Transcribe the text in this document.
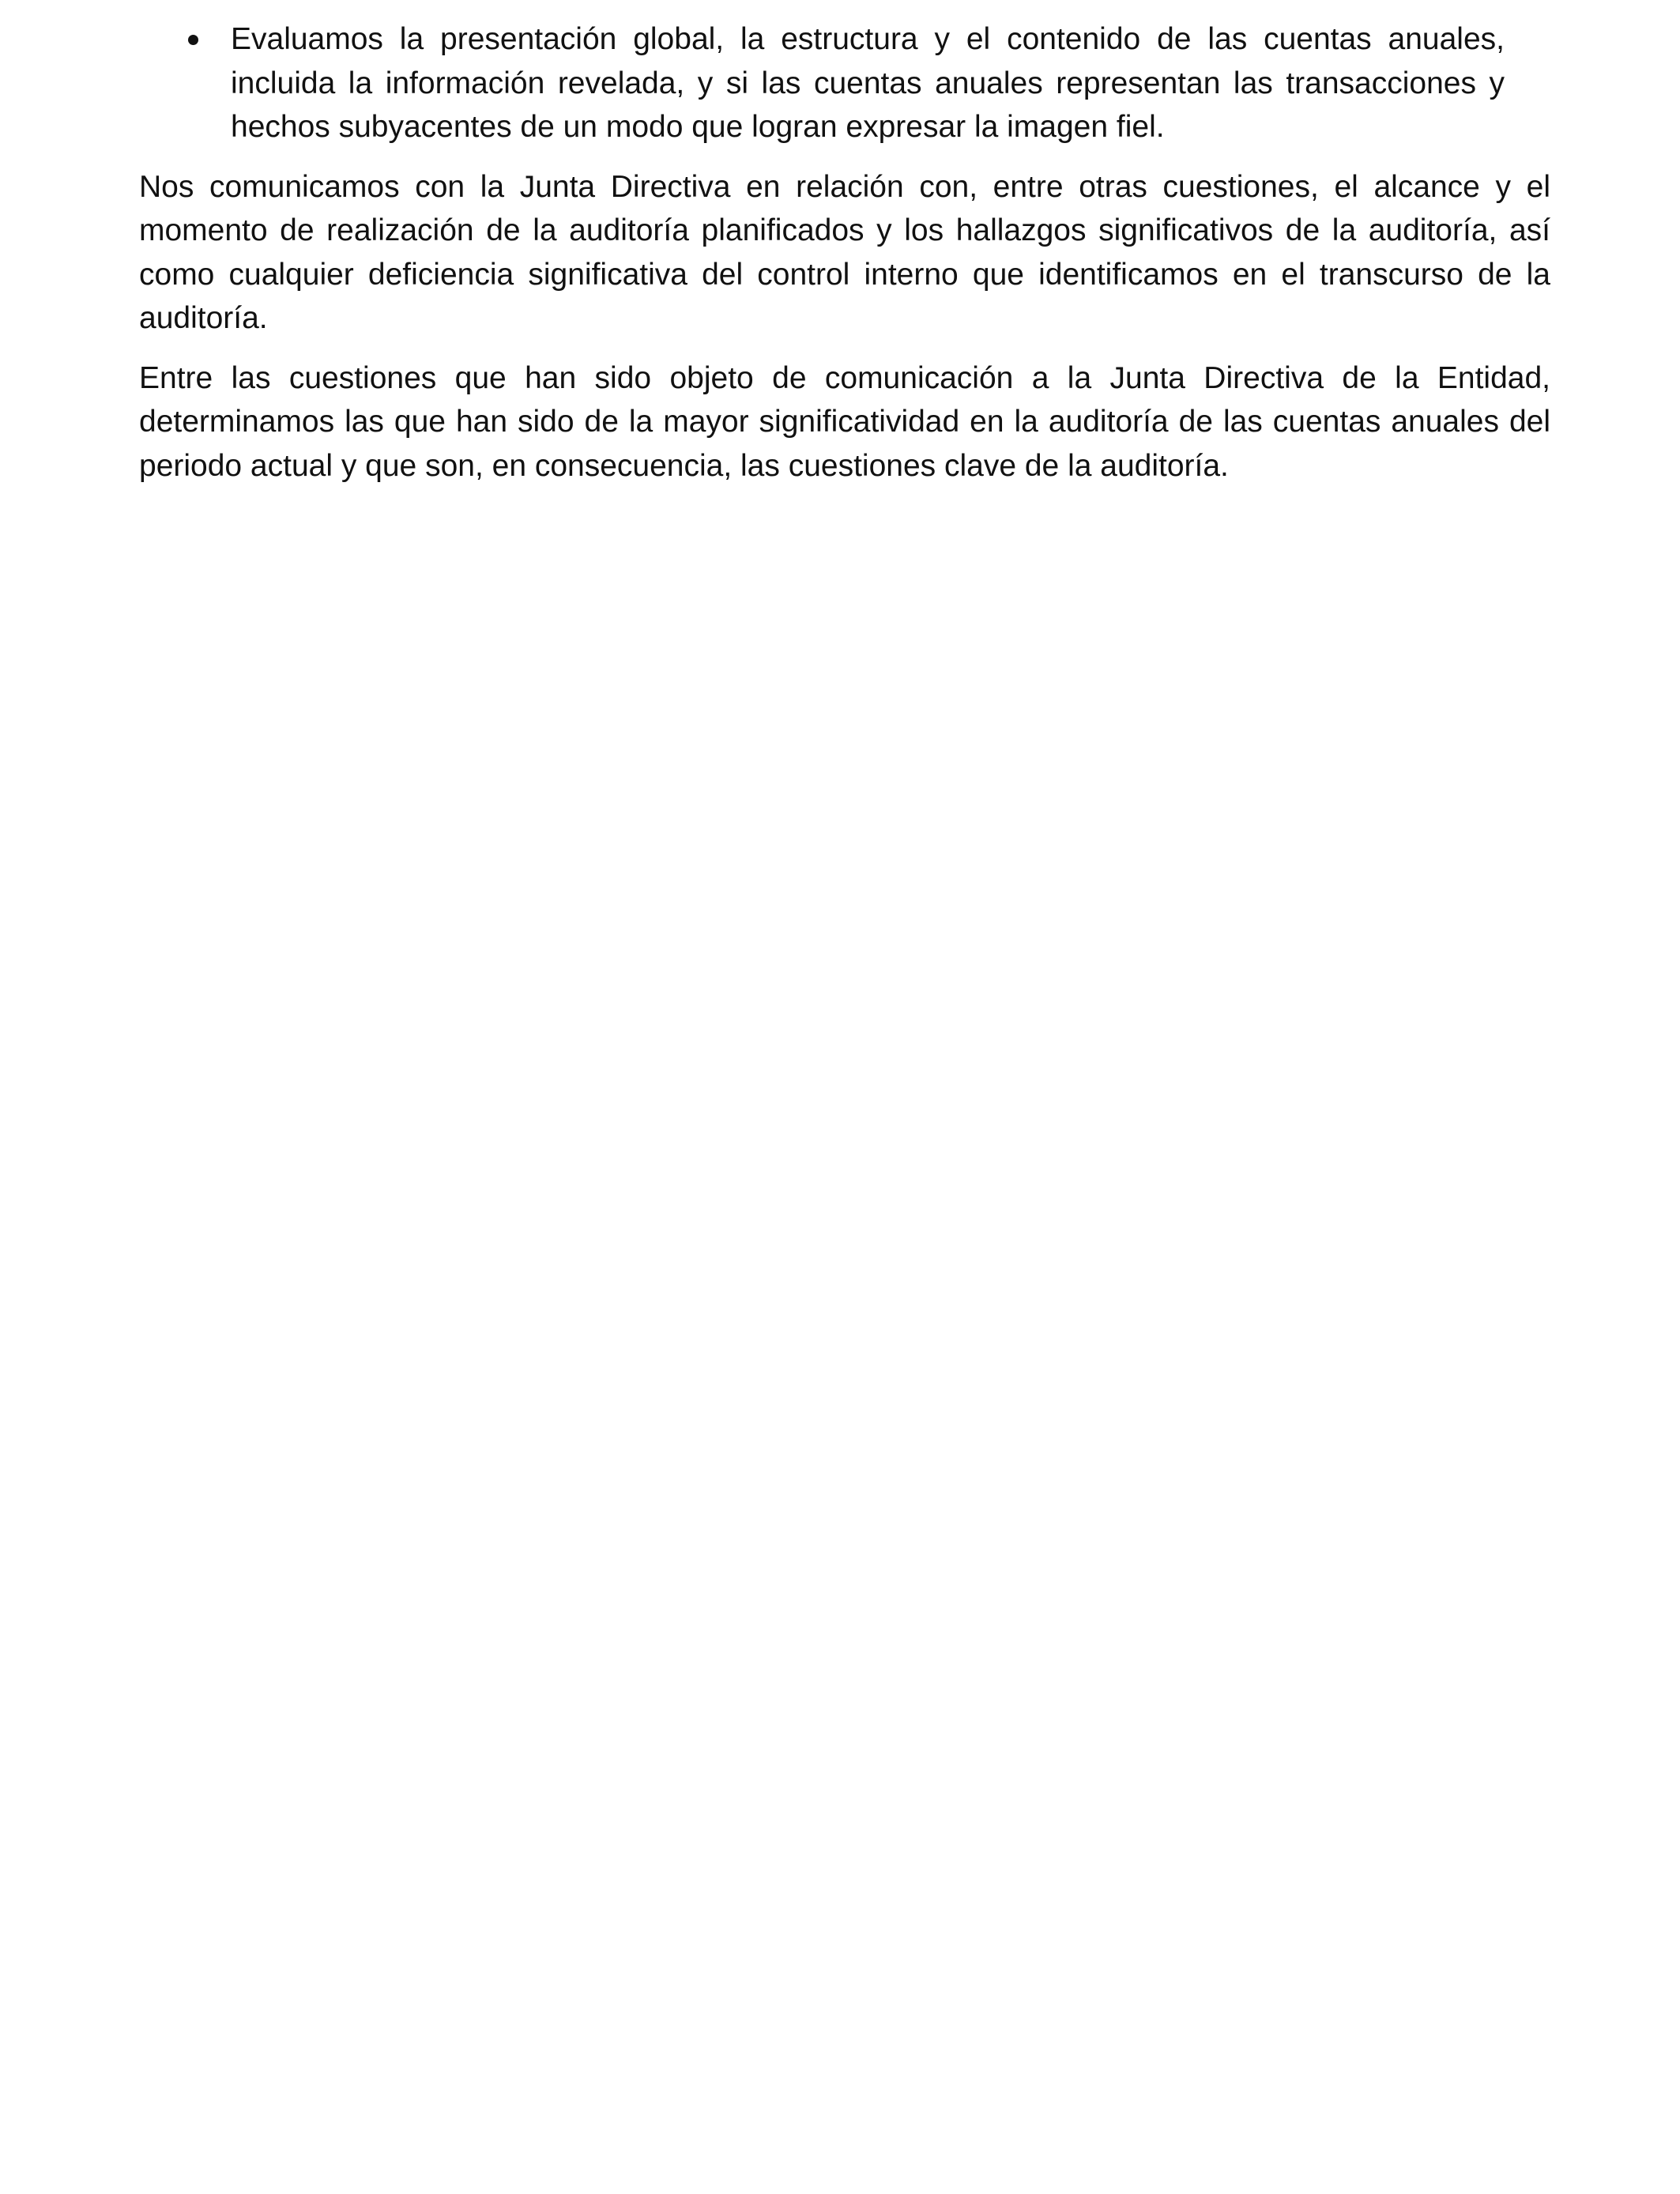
Evaluamos la presentación global, la estructura y el contenido de las cuentas anuales, incluida la información revelada, y si las cuentas anuales representan las transacciones y hechos subyacentes de un modo que logran expresar la imagen fiel.

Nos comunicamos con la Junta Directiva en relación con, entre otras cuestiones, el alcance y el momento de realización de la auditoría planificados y los hallazgos significativos de la auditoría, así como cualquier deficiencia significativa del control interno que identificamos en el transcurso de la auditoría.

Entre las cuestiones que han sido objeto de comunicación a la Junta Directiva de la Entidad, determinamos las que han sido de la mayor significatividad en la auditoría de las cuentas anuales del periodo actual y que son, en consecuencia, las cuestiones clave de la auditoría.
